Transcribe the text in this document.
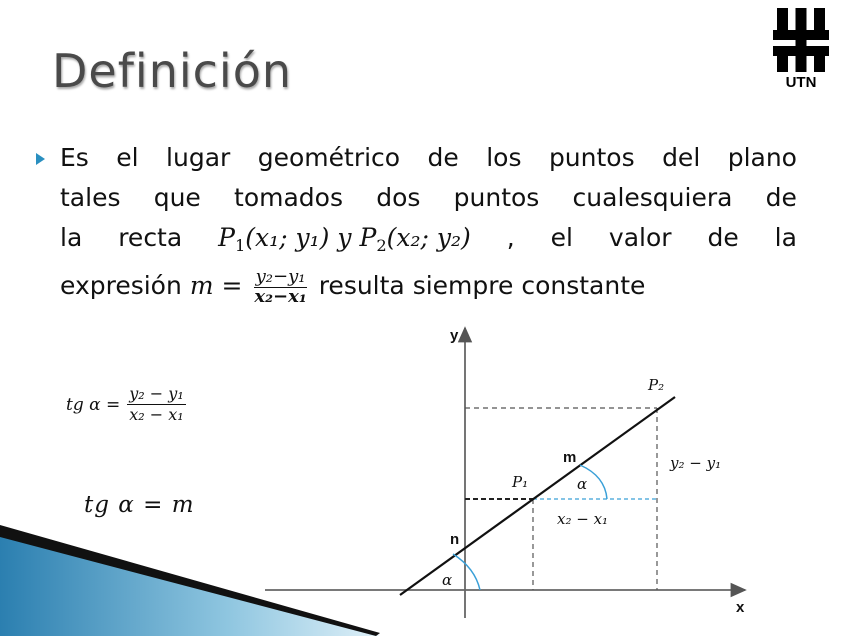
Definición	UTN
Es el lugar geométrico de los puntos del plano
tales que tomados dos puntos cualesquiera de
la recta $P_1(x_1$; y₁) y $P_2(x_2$; y₂) , el valor de la
expresión $m = \frac{\text{y₂−y₁}}{\text{x₂−x₁}}$ resulta siempre constante
tg $\alpha = \frac{\text{y₂ − y₁}}{\text{x₂ − x₁}}$
tg α = m
y
x
P₂
P₁
m
n
α
α
y₂ − y₁
x₂ − x₁
